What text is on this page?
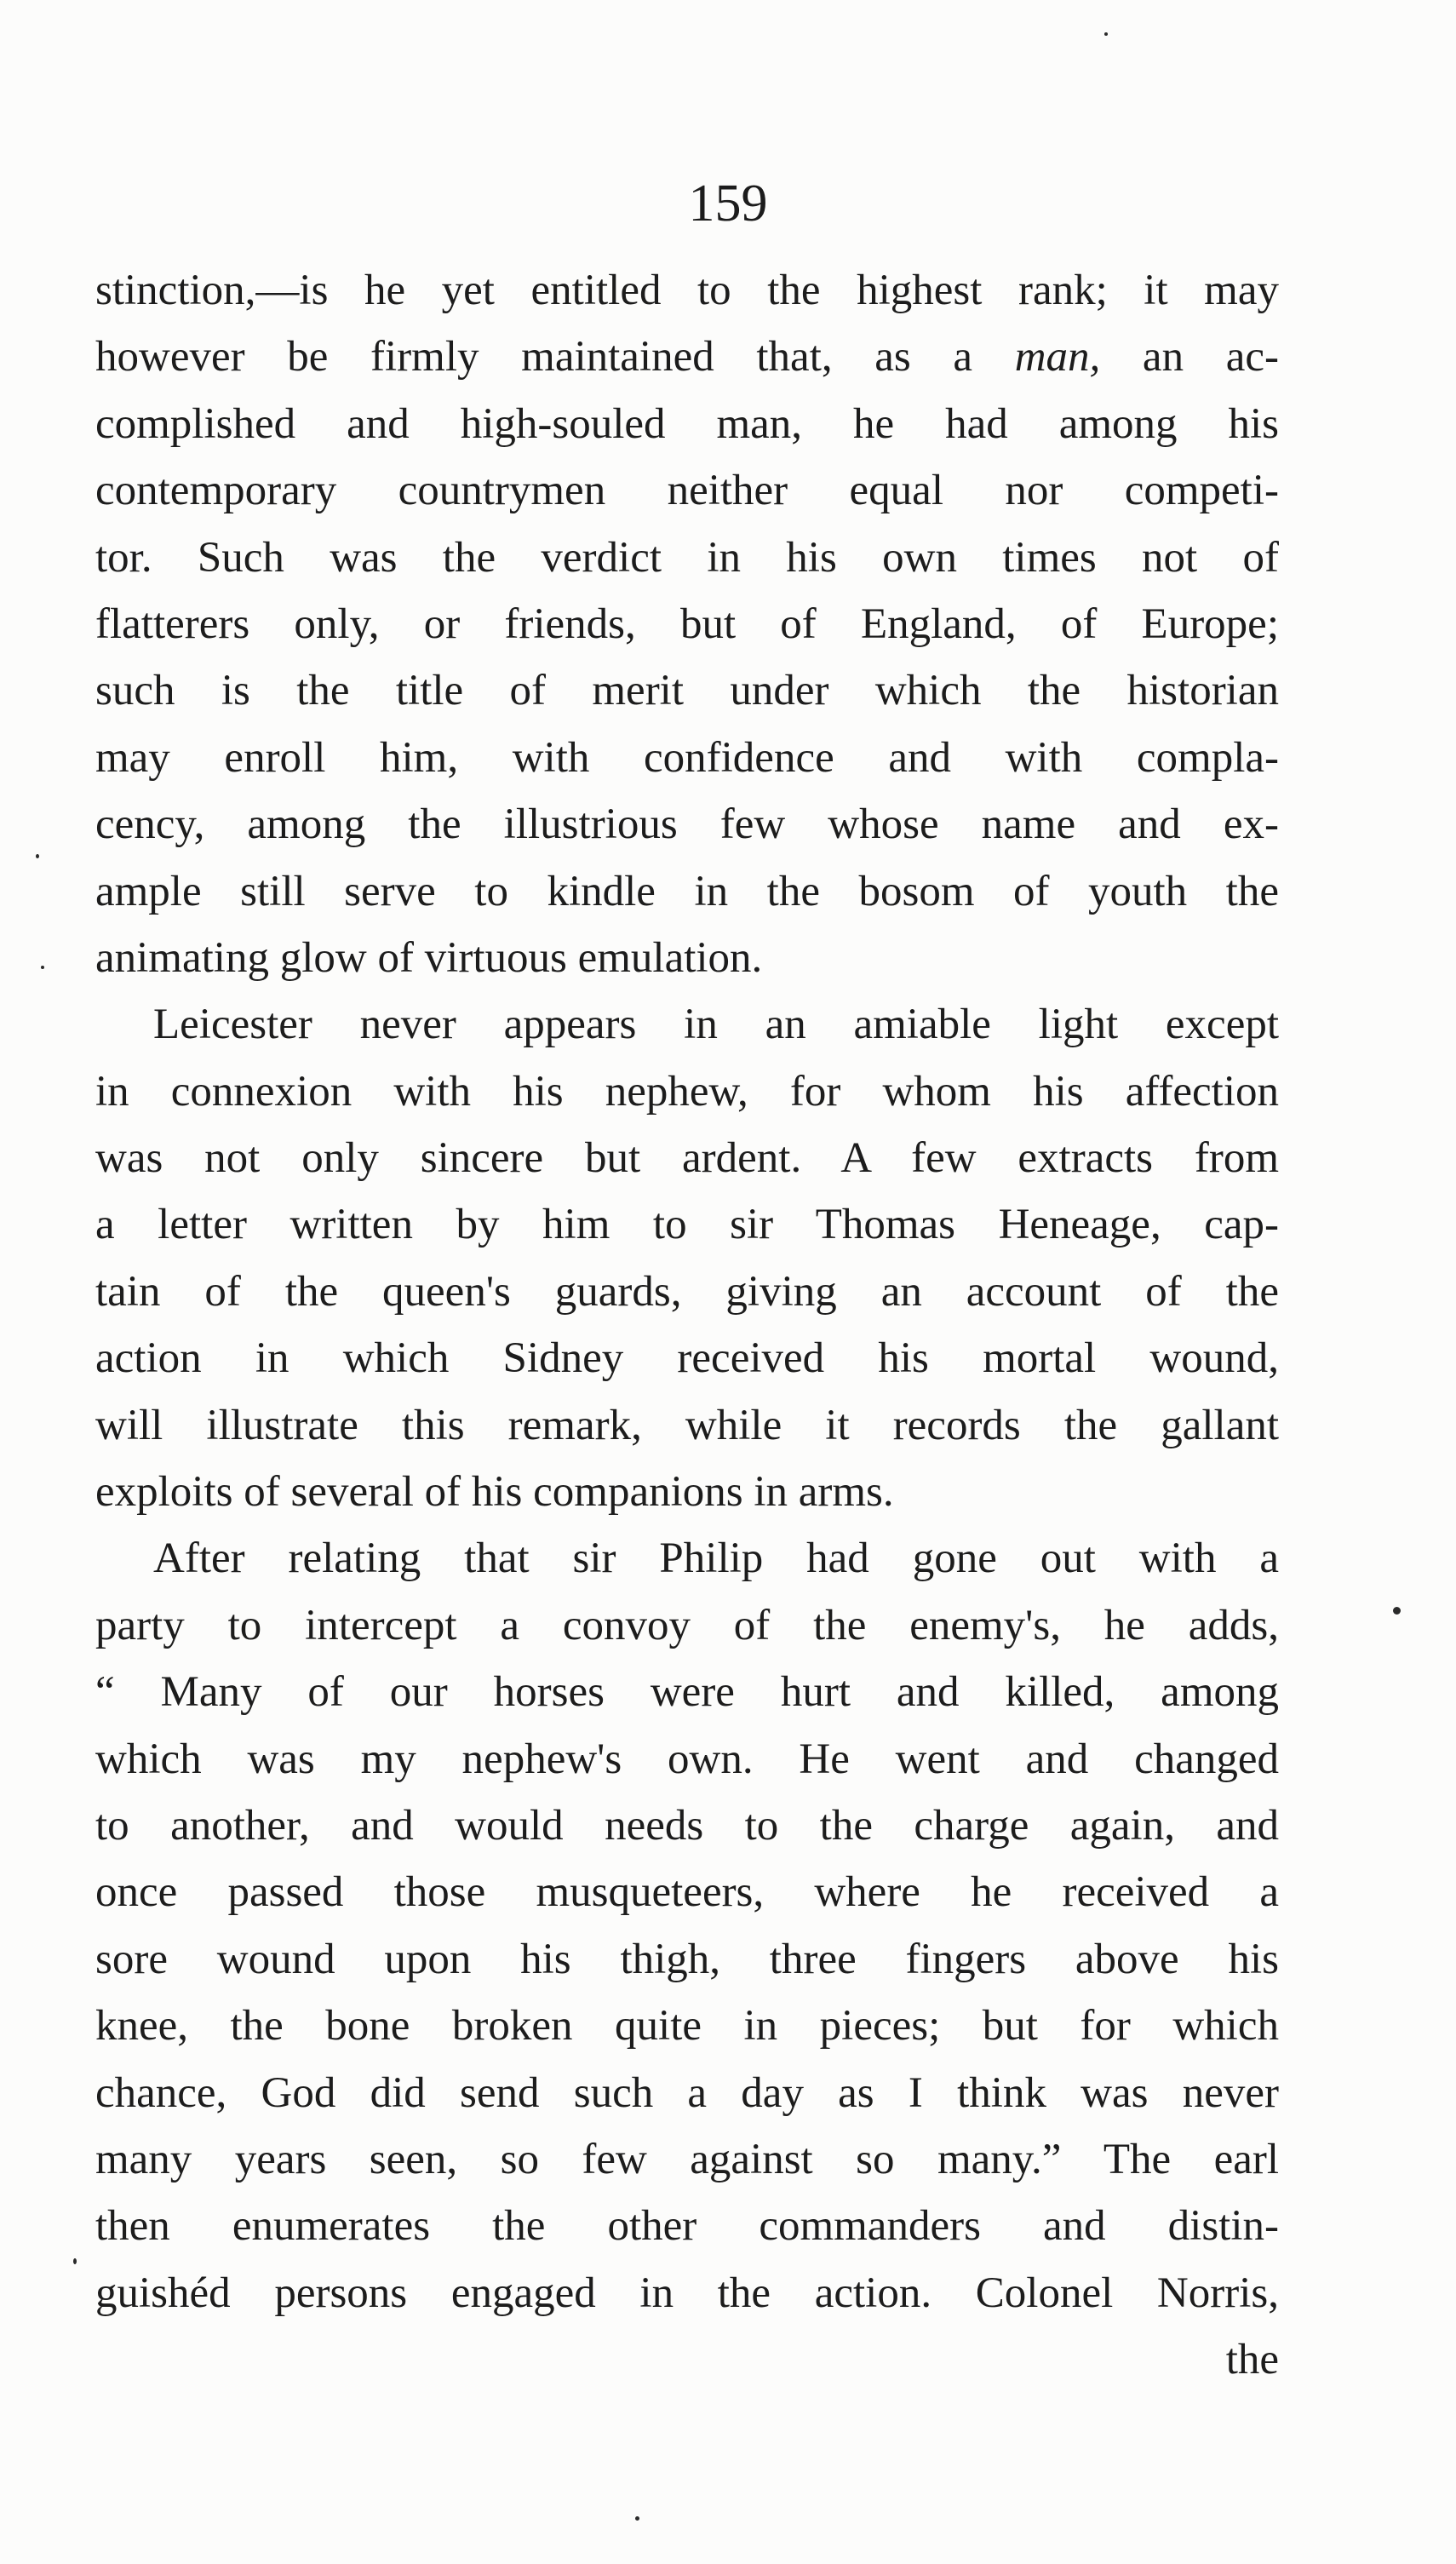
159
stinction,—is he yet entitled to the highest rank; it may
however be firmly maintained that, as a man, an ac-
complished and high-souled man, he had among his
contemporary countrymen neither equal nor competi-
tor. Such was the verdict in his own times not of
flatterers only, or friends, but of England, of Europe;
such is the title of merit under which the historian
may enroll him, with confidence and with compla-
cency, among the illustrious few whose name and ex-
ample still serve to kindle in the bosom of youth the
animating glow of virtuous emulation.
Leicester never appears in an amiable light except
in connexion with his nephew, for whom his affection
was not only sincere but ardent. A few extracts from
a letter written by him to sir Thomas Heneage, cap-
tain of the queen's guards, giving an account of the
action in which Sidney received his mortal wound,
will illustrate this remark, while it records the gallant
exploits of several of his companions in arms.
After relating that sir Philip had gone out with a
party to intercept a convoy of the enemy's, he adds,
“ Many of our horses were hurt and killed, among
which was my nephew's own. He went and changed
to another, and would needs to the charge again, and
once passed those musqueteers, where he received a
sore wound upon his thigh, three fingers above his
knee, the bone broken quite in pieces; but for which
chance, God did send such a day as I think was never
many years seen, so few against so many.” The earl
then enumerates the other commanders and distin-
guishéd persons engaged in the action. Colonel Norris,
the
